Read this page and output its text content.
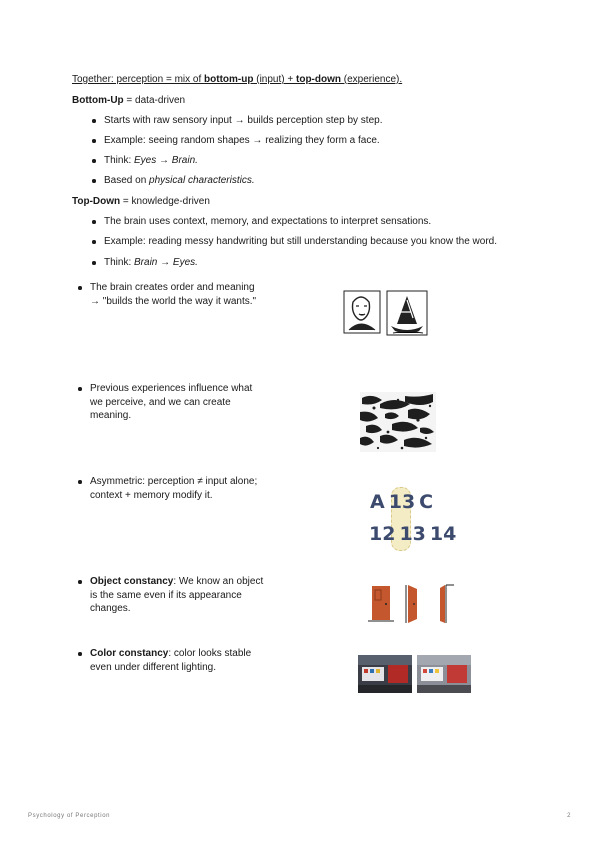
Together: perception = mix of bottom-up (input) + top-down (experience).
Bottom-Up = data-driven
Starts with raw sensory input → builds perception step by step.
Example: seeing random shapes → realizing they form a face.
Think: Eyes → Brain.
Based on physical characteristics.
Top-Down = knowledge-driven
The brain uses context, memory, and expectations to interpret sensations.
Example: reading messy handwriting but still understanding because you know the word.
Think: Brain → Eyes.
The brain creates order and meaning → "builds the world the way it wants."
Previous experiences influence what we perceive, and we can create meaning.
Asymmetric: perception ≠ input alone; context + memory modify it.
Object constancy: We know an object is the same even if its appearance changes.
Color constancy: color looks stable even under different lighting.
A 13 C
12 13 14
Psychology of Perception	2
